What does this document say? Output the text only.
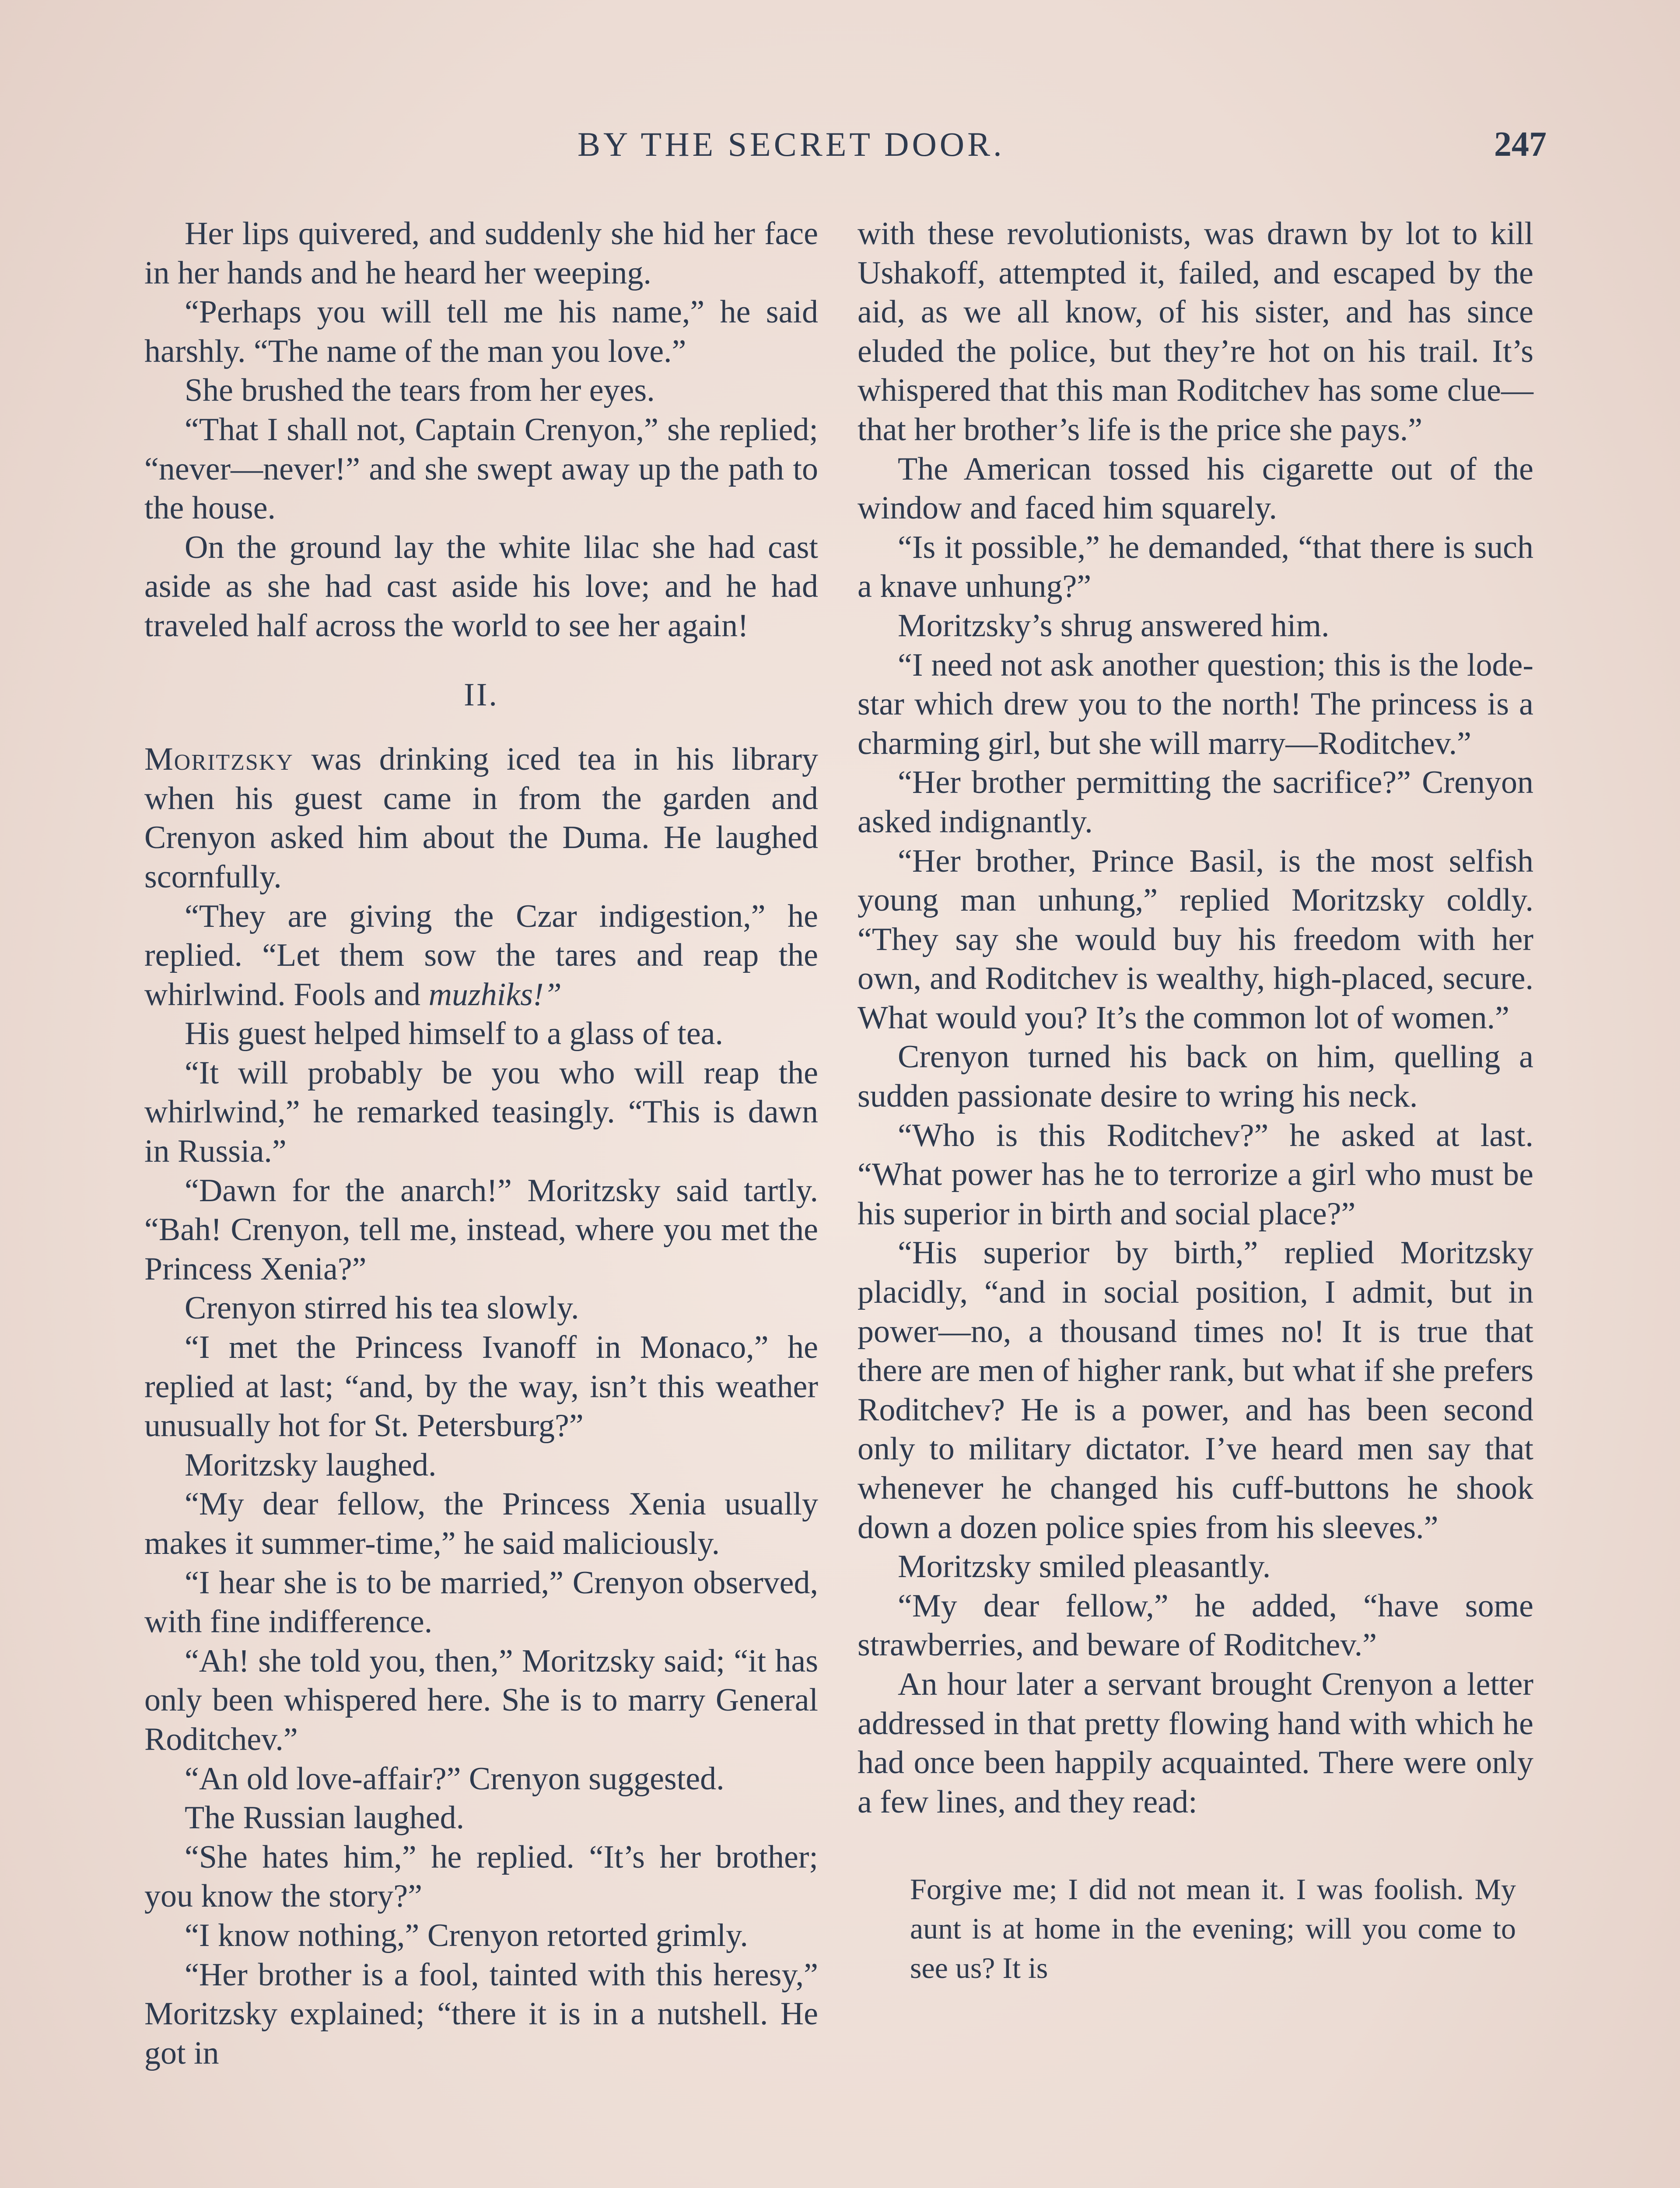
BY THE SECRET DOOR.	247

Her lips quivered, and suddenly she hid her face in her hands and he heard her weeping.

“Perhaps you will tell me his name,” he said harshly. “The name of the man you love.”

She brushed the tears from her eyes.

“That I shall not, Captain Crenyon,” she replied; “never—never!” and she swept away up the path to the house.

On the ground lay the white lilac she had cast aside as she had cast aside his love; and he had traveled half across the world to see her again!

II.

Moritzsky was drinking iced tea in his library when his guest came in from the garden and Crenyon asked him about the Duma. He laughed scornfully.

“They are giving the Czar indigestion,” he replied. “Let them sow the tares and reap the whirlwind. Fools and muzhiks!”

His guest helped himself to a glass of tea.

“It will probably be you who will reap the whirlwind,” he remarked teasingly. “This is dawn in Russia.”

“Dawn for the anarch!” Moritzsky said tartly. “Bah! Crenyon, tell me, instead, where you met the Princess Xenia?”

Crenyon stirred his tea slowly.

“I met the Princess Ivanoff in Monaco,” he replied at last; “and, by the way, isn’t this weather unusually hot for St. Petersburg?”

Moritzsky laughed.

“My dear fellow, the Princess Xenia usually makes it summer-time,” he said maliciously.

“I hear she is to be married,” Crenyon observed, with fine indifference.

“Ah! she told you, then,” Moritzsky said; “it has only been whispered here. She is to marry General Roditchev.”

“An old love-affair?” Crenyon suggested.

The Russian laughed.

“She hates him,” he replied. “It’s her brother; you know the story?”

“I know nothing,” Crenyon retorted grimly.

“Her brother is a fool, tainted with this heresy,” Moritzsky explained; “there it is in a nutshell. He got in

with these revolutionists, was drawn by lot to kill Ushakoff, attempted it, failed, and escaped by the aid, as we all know, of his sister, and has since eluded the police, but they’re hot on his trail. It’s whispered that this man Roditchev has some clue—that her brother’s life is the price she pays.”

The American tossed his cigarette out of the window and faced him squarely.

“Is it possible,” he demanded, “that there is such a knave unhung?”

Moritzsky’s shrug answered him.

“I need not ask another question; this is the lode-star which drew you to the north! The princess is a charming girl, but she will marry—Roditchev.”

“Her brother permitting the sacrifice?” Crenyon asked indignantly.

“Her brother, Prince Basil, is the most selfish young man unhung,” replied Moritzsky coldly. “They say she would buy his freedom with her own, and Roditchev is wealthy, high-placed, secure. What would you? It’s the common lot of women.”

Crenyon turned his back on him, quelling a sudden passionate desire to wring his neck.

“Who is this Roditchev?” he asked at last. “What power has he to terrorize a girl who must be his superior in birth and social place?”

“His superior by birth,” replied Moritzsky placidly, “and in social position, I admit, but in power—no, a thousand times no! It is true that there are men of higher rank, but what if she prefers Roditchev? He is a power, and has been second only to military dictator. I’ve heard men say that whenever he changed his cuff-buttons he shook down a dozen police spies from his sleeves.”

Moritzsky smiled pleasantly.

“My dear fellow,” he added, “have some strawberries, and beware of Roditchev.”

An hour later a servant brought Crenyon a letter addressed in that pretty flowing hand with which he had once been happily acquainted. There were only a few lines, and they read:

Forgive me; I did not mean it. I was foolish. My aunt is at home in the evening; will you come to see us? It is
